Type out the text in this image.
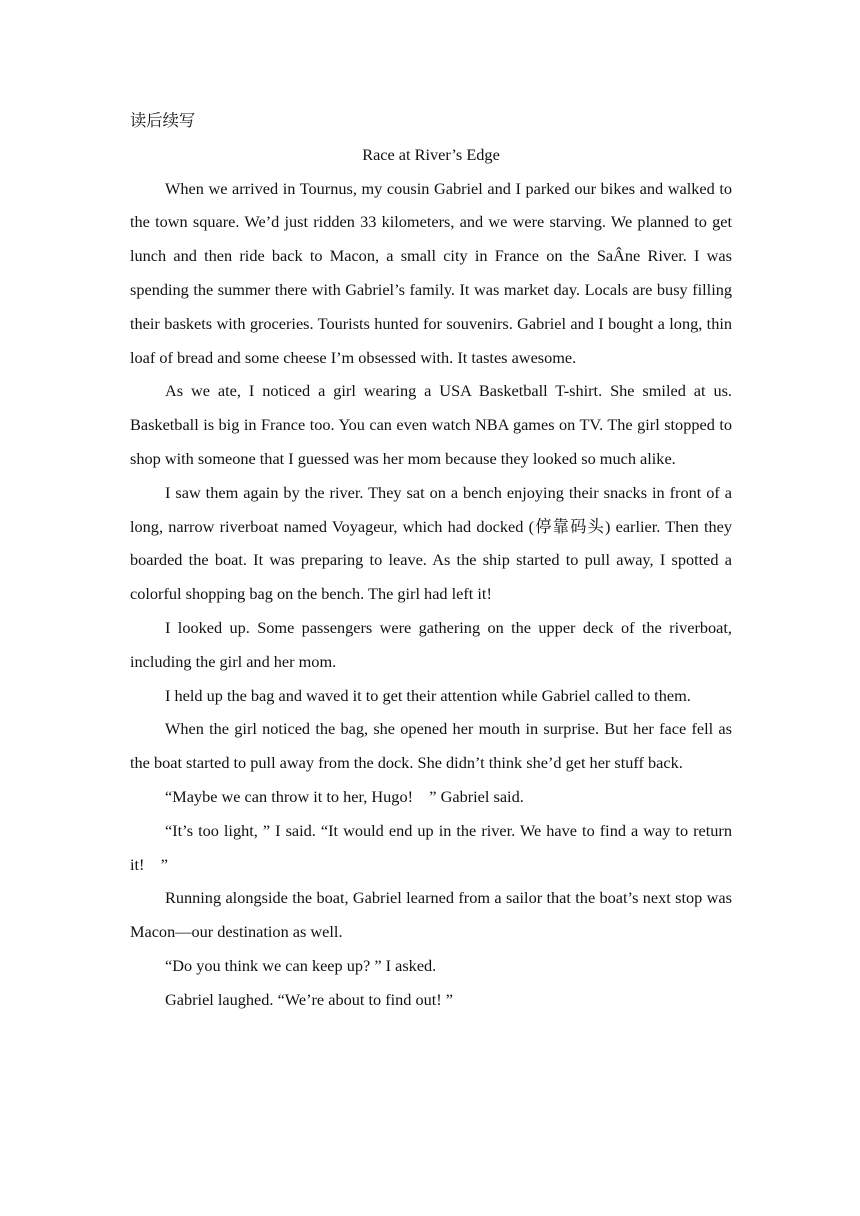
读后续写

Race at River’s Edge

When we arrived in Tournus, my cousin Gabriel and I parked our bikes and walked to the town square. We’d just ridden 33 kilometers, and we were starving. We planned to get lunch and then ride back to Macon, a small city in France on the SaÂne River. I was spending the summer there with Gabriel’s family. It was market day. Locals are busy filling their baskets with groceries. Tourists hunted for souvenirs. Gabriel and I bought a long, thin loaf of bread and some cheese I’m obsessed with. It tastes awesome.

As we ate, I noticed a girl wearing a USA Basketball T-shirt. She smiled at us. Basketball is big in France too. You can even watch NBA games on TV. The girl stopped to shop with someone that I guessed was her mom because they looked so much alike.

I saw them again by the river. They sat on a bench enjoying their snacks in front of a long, narrow riverboat named Voyageur, which had docked (停靠码头) earlier. Then they boarded the boat. It was preparing to leave. As the ship started to pull away, I spotted a colorful shopping bag on the bench. The girl had left it!

I looked up. Some passengers were gathering on the upper deck of the riverboat, including the girl and her mom.

I held up the bag and waved it to get their attention while Gabriel called to them.

When the girl noticed the bag, she opened her mouth in surprise. But her face fell as the boat started to pull away from the dock. She didn’t think she’d get her stuff back.

“Maybe we can throw it to her, Hugo!　” Gabriel said.

“It’s too light, ” I said. “It would end up in the river. We have to find a way to return it!　”

Running alongside the boat, Gabriel learned from a sailor that the boat’s next stop was Macon—our destination as well.

“Do you think we can keep up? ” I asked.

Gabriel laughed. “We’re about to find out! ”
